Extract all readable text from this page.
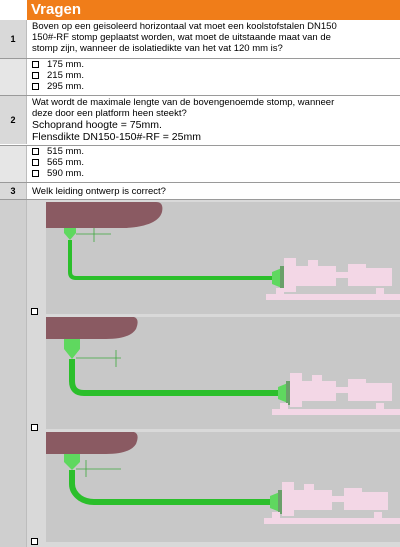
Vragen
1
Boven op een geisoleerd horizontaal vat moet een koolstofstalen DN150
150#-RF stomp geplaatst worden, wat moet de uitstaande maat van de
stomp zijn, wanneer de isolatiedikte van het vat 120 mm is?
175 mm.
215 mm.
295 mm.
2
Wat wordt de maximale lengte van de bovengenoemde stomp, wanneer
deze door een platform heen steekt?
Schoprand hoogte = 75mm.
Flensdikte DN150-150#-RF = 25mm
515 mm.
565 mm.
590 mm.
3	Welk leiding ontwerp is correct?
